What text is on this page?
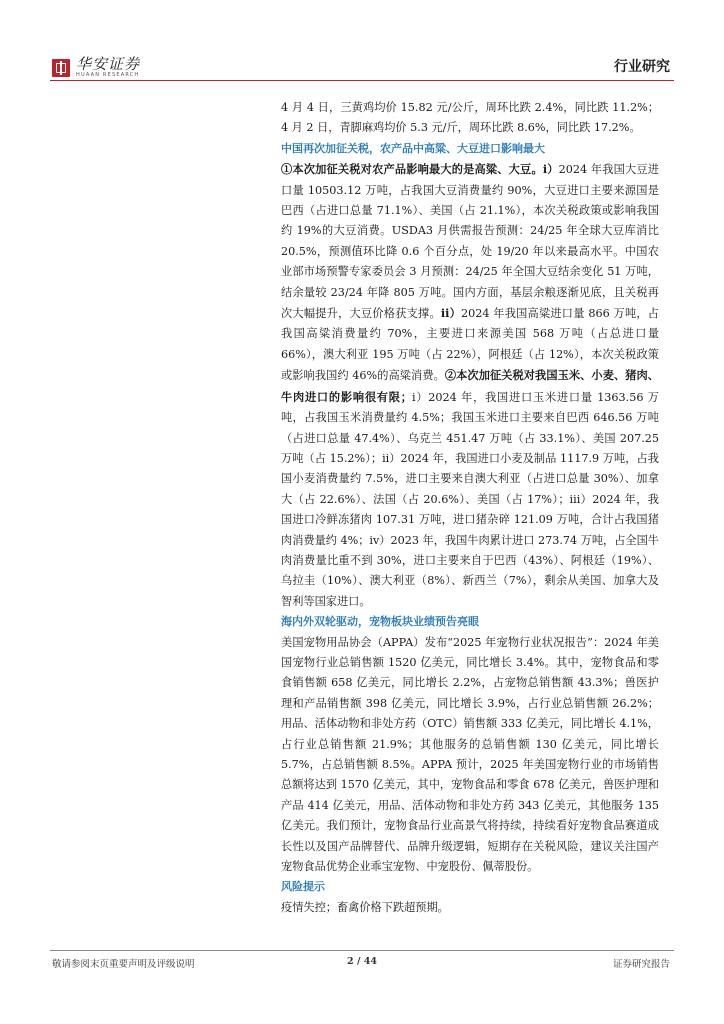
华安证券
HUAAN RESEARCH	行业研究

4 月 4 日，三黄鸡均价 15.82 元/公斤，周环比跌 2.4%，同比跌 11.2%；4 月 2 日，青脚麻鸡均价 5.3 元/斤，周环比跌 8.6%，同比跌 17.2%。

中国再次加征关税，农产品中高粱、大豆进口影响最大

①本次加征关税对农产品影响最大的是高粱、大豆。i）2024 年我国大豆进口量 10503.12 万吨，占我国大豆消费量约 90%，大豆进口主要来源国是巴西（占进口总量 71.1%）、美国（占 21.1%），本次关税政策或影响我国约 19%的大豆消费。USDA3 月供需报告预测：24/25 年全球大豆库消比 20.5%，预测值环比降 0.6 个百分点，处 19/20 年以来最高水平。中国农业部市场预警专家委员会 3 月预测：24/25 年全国大豆结余变化 51 万吨，结余量较 23/24 年降 805 万吨。国内方面，基层余粮逐渐见底，且关税再次大幅提升，大豆价格获支撑。ii）2024 年我国高粱进口量 866 万吨，占我国高粱消费量约 70%，主要进口来源美国 568 万吨（占总进口量 66%），澳大利亚 195 万吨（占 22%），阿根廷（占 12%），本次关税政策或影响我国约 46%的高粱消费。②本次加征关税对我国玉米、小麦、猪肉、牛肉进口的影响很有限；i）2024 年，我国进口玉米进口量 1363.56 万吨，占我国玉米消费量约 4.5%；我国玉米进口主要来自巴西 646.56 万吨（占进口总量 47.4%）、乌克兰 451.47 万吨（占 33.1%）、美国 207.25 万吨（占 15.2%）；ii）2024 年，我国进口小麦及制品 1117.9 万吨，占我国小麦消费量约 7.5%，进口主要来自澳大利亚（占进口总量 30%）、加拿大（占 22.6%）、法国（占 20.6%）、美国（占 17%）；iii）2024 年，我国进口冷鲜冻猪肉 107.31 万吨，进口猪杂碎 121.09 万吨，合计占我国猪肉消费量约 4%；iv）2023 年，我国牛肉累计进口 273.74 万吨，占全国牛肉消费量比重不到 30%，进口主要来自于巴西（43%）、阿根廷（19%）、乌拉圭（10%）、澳大利亚（8%）、新西兰（7%），剩余从美国、加拿大及智利等国家进口。

海内外双轮驱动，宠物板块业绩预告亮眼

美国宠物用品协会（APPA）发布“2025 年宠物行业状况报告”：2024 年美国宠物行业总销售额 1520 亿美元，同比增长 3.4%。其中，宠物食品和零食销售额 658 亿美元，同比增长 2.2%，占宠物总销售额 43.3%；兽医护理和产品销售额 398 亿美元，同比增长 3.9%，占行业总销售额 26.2%；用品、活体动物和非处方药（OTC）销售额 333 亿美元，同比增长 4.1%，占行业总销售额 21.9%；其他服务的总销售额 130 亿美元，同比增长 5.7%，占总销售额 8.5%。APPA 预计，2025 年美国宠物行业的市场销售总额将达到 1570 亿美元，其中，宠物食品和零食 678 亿美元，兽医护理和产品 414 亿美元，用品、活体动物和非处方药 343 亿美元，其他服务 135 亿美元。我们预计，宠物食品行业高景气将持续，持续看好宠物食品赛道成长性以及国产品牌替代、品牌升级逻辑，短期存在关税风险，建议关注国产宠物食品优势企业乖宝宠物、中宠股份、佩蒂股份。

风险提示

疫情失控；畜禽价格下跌超预期。

敬请参阅末页重要声明及评级说明	2 / 44	证券研究报告
